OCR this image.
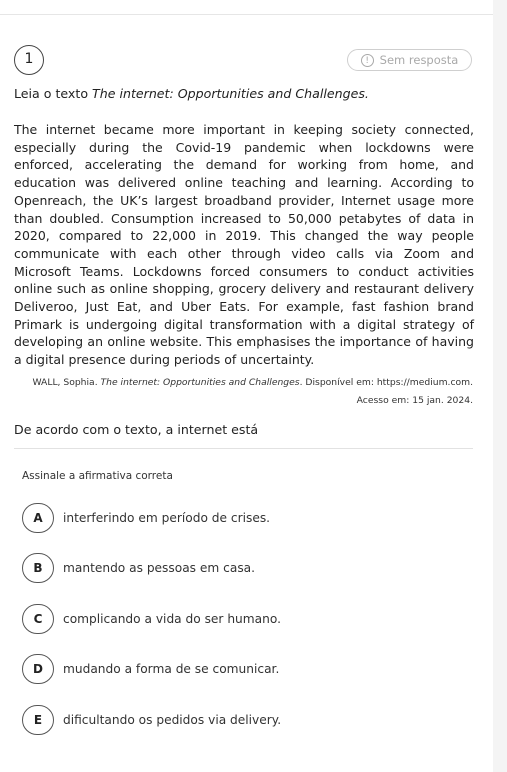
1	! Sem resposta
Leia o texto The internet: Opportunities and Challenges.
The internet became more important in keeping society connected, especially during the Covid-19 pandemic when lockdowns were enforced, accelerating the demand for working from home, and education was delivered online teaching and learning. According to Openreach, the UK’s largest broadband provider, Internet usage more than doubled. Consumption increased to 50,000 petabytes of data in 2020, compared to 22,000 in 2019. This changed the way people communicate with each other through video calls via Zoom and Microsoft Teams. Lockdowns forced consumers to conduct activities online such as online shopping, grocery delivery and restaurant delivery Deliveroo, Just Eat, and Uber Eats. For example, fast fashion brand Primark is undergoing digital transformation with a digital strategy of developing an online website. This emphasises the importance of having a digital presence during periods of uncertainty.
WALL, Sophia. The internet: Opportunities and Challenges. Disponível em: https://medium.com.
Acesso em: 15 jan. 2024.
De acordo com o texto, a internet está
Assinale a afirmativa correta
A	interferindo em período de crises.
B	mantendo as pessoas em casa.
C	complicando a vida do ser humano.
D	mudando a forma de se comunicar.
E	dificultando os pedidos via delivery.
